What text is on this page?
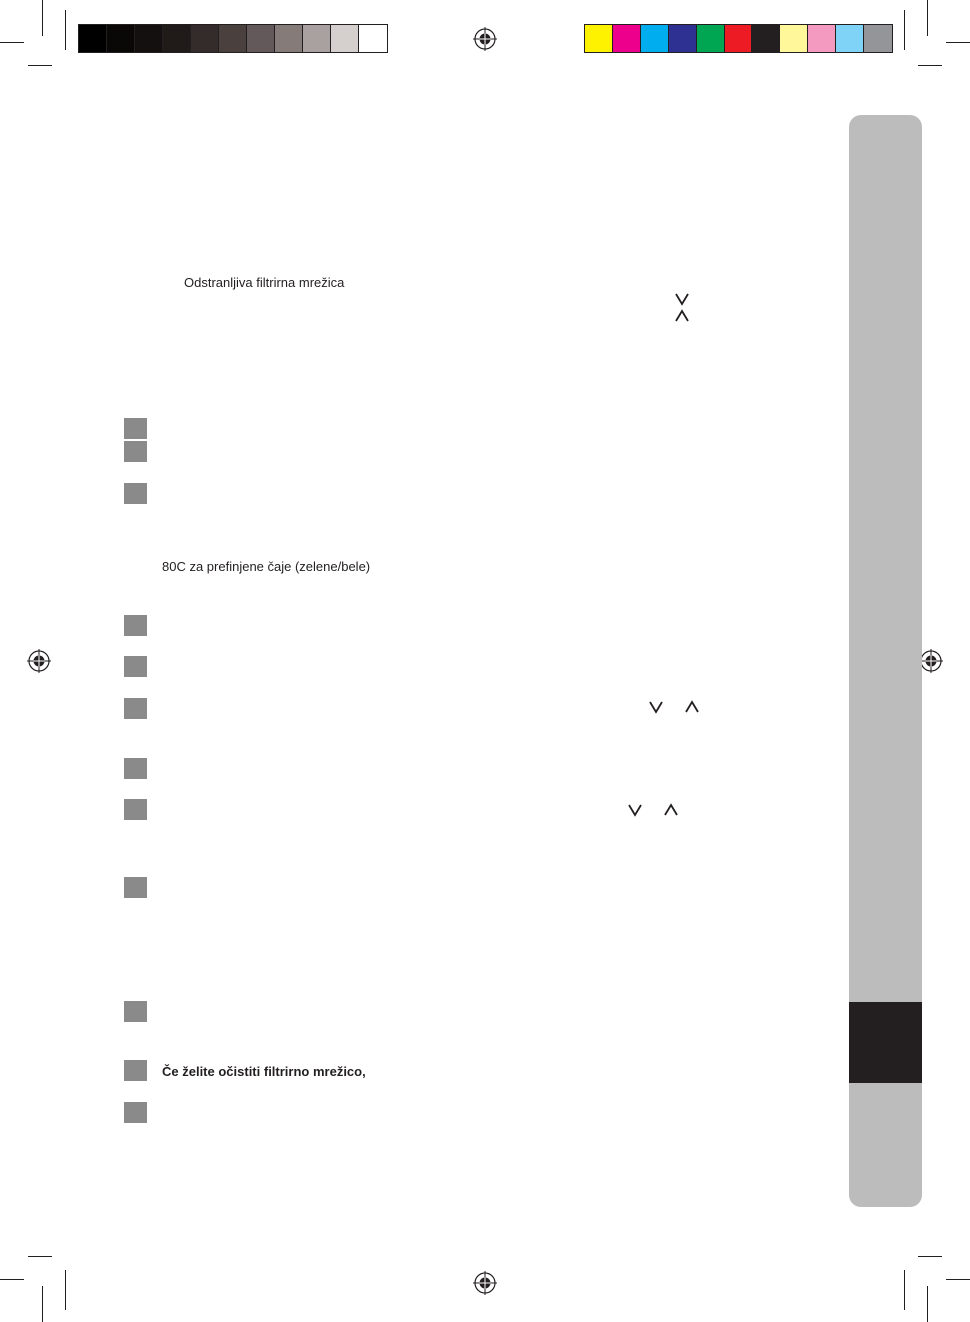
Odstranljiva filtrirna mrežica
80C za prefinjene čaje (zelene/bele)
Če želite očistiti filtrirno mrežico,
